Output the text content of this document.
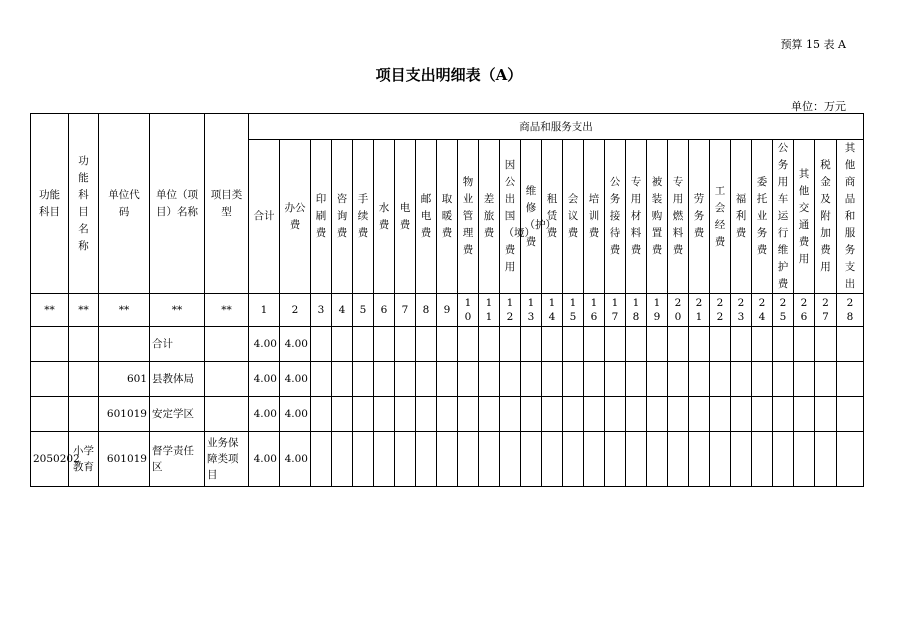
预算 15 表 A
项目支出明细表（A）
单位：万元
功能科目	功能科目名称	单位代码	单位（项目）名称	项目类型	商品和服务支出																											
					合计	办公费	印刷费	咨询费	手续费	水费	电费	邮电费	取暖费	物业管理费	差旅费	因公出国（境）费用	维修（护）费	租赁费	会议费	培训费	公务接待费	专用材料费	被装购置费	专用燃料费	劳务费	工会经费	福利费	委托业务费	公务用车运行维护费	其他交通费用	税金及附加费用	其他商品和服务支出
**	**	**	**	**	1	2	3	4	5	6	7	8	9	10	11	12	13	14	15	16	17	18	19	20	21	22	23	24	25	26	27	28
			合计		4.00	4.00																										
		601	县教体局		4.00	4.00																										
		601019	安定学区		4.00	4.00																										
2050202	小学教育	601019	督学责任区	业务保障类项目	4.00	4.00																										
